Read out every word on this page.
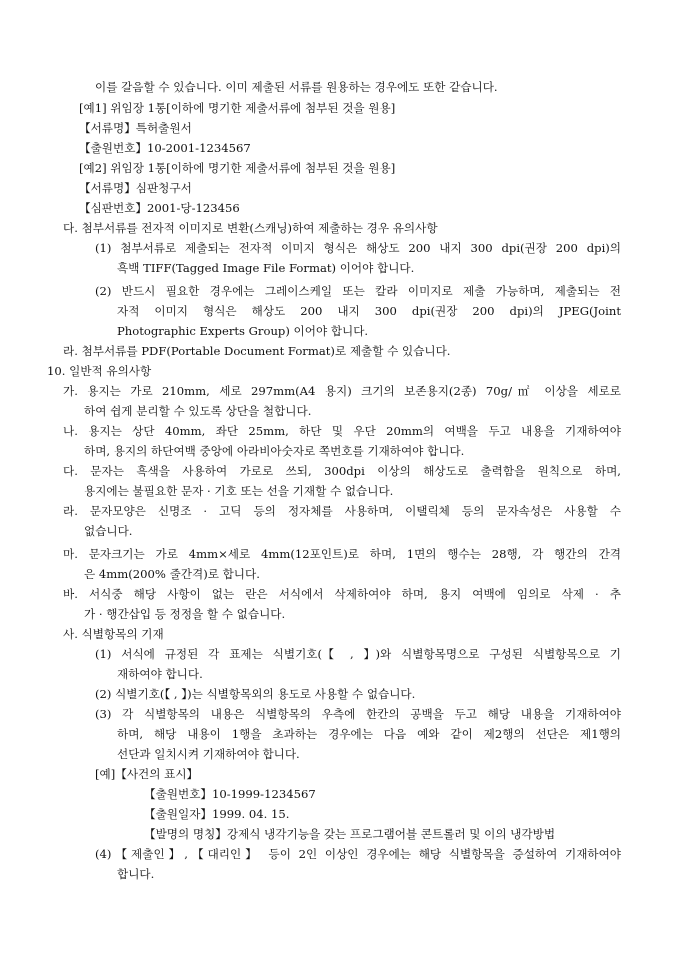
이를 갈음할 수 있습니다. 이미 제출된 서류를 원용하는 경우에도 또한 같습니다.
[예1] 위임장 1통[이하에 명기한 제출서류에 첨부된 것을 원용]
【서류명】특허출원서
【출원번호】10-2001-1234567
[예2] 위임장 1통[이하에 명기한 제출서류에 첨부된 것을 원용]
【서류명】심판청구서
【심판번호】2001-당-123456
다. 첨부서류를 전자적 이미지로 변환(스캐닝)하여 제출하는 경우 유의사항
(1) 첨부서류로 제출되는 전자적 이미지 형식은 해상도 200 내지 300 dpi(권장 200 dpi)의
흑백 TIFF(Tagged Image File Format) 이어야 합니다.
(2) 반드시 필요한 경우에는 그레이스케일 또는 칼라 이미지로 제출 가능하며, 제출되는 전
자적 이미지 형식은 해상도 200 내지 300 dpi(권장 200 dpi)의 JPEG(Joint
Photographic Experts Group) 이어야 합니다.
라. 첨부서류를 PDF(Portable Document Format)로 제출할 수 있습니다.
10. 일반적 유의사항
가. 용지는 가로 210mm, 세로 297mm(A4 용지) 크기의 보존용지(2종) 70g/㎡ 이상을 세로로
하여 쉽게 분리할 수 있도록 상단을 철합니다.
나. 용지는 상단 40mm, 좌단 25mm, 하단 및 우단 20mm의 여백을 두고 내용을 기재하여야
하며, 용지의 하단여백 중앙에 아라비아숫자로 쪽번호를 기재하여야 합니다.
다. 문자는 흑색을 사용하여 가로로 쓰되, 300dpi 이상의 해상도로 출력함을 원칙으로 하며,
용지에는 불필요한 문자 · 기호 또는 선을 기재할 수 없습니다.
라. 문자모양은 신명조 · 고딕 등의 정자체를 사용하며, 이탤릭체 등의 문자속성은 사용할 수
없습니다.
마. 문자크기는 가로 4mm×세로 4mm(12포인트)로 하며, 1면의 행수는 28행, 각 행간의 간격
은 4mm(200% 줄간격)로 합니다.
바. 서식중 해당 사항이 없는 란은 서식에서 삭제하여야 하며, 용지 여백에 임의로 삭제 · 추
가 · 행간삽입 등 정정을 할 수 없습니다.
사. 식별항목의 기재
(1) 서식에 규정된 각 표제는 식별기호(【 , 】)와 식별항목명으로 구성된 식별항목으로 기
재하여야 합니다.
(2) 식별기호(【 , 】)는 식별항목외의 용도로 사용할 수 없습니다.
(3) 각 식별항목의 내용은 식별항목의 우측에 한칸의 공백을 두고 해당 내용을 기재하여야
하며, 해당 내용이 1행을 초과하는 경우에는 다음 예와 같이 제2행의 선단은 제1행의
선단과 일치시켜 기재하여야 합니다.
[예]【사건의 표시】
【출원번호】10-1999-1234567
【출원일자】1999. 04. 15.
【발명의 명칭】강제식 냉각기능을 갖는 프로그램어블 콘트롤러 및 이의 냉각방법
(4)【제출인】,【대리인】 등이 2인 이상인 경우에는 해당 식별항목을 증설하여 기재하여야
합니다.
